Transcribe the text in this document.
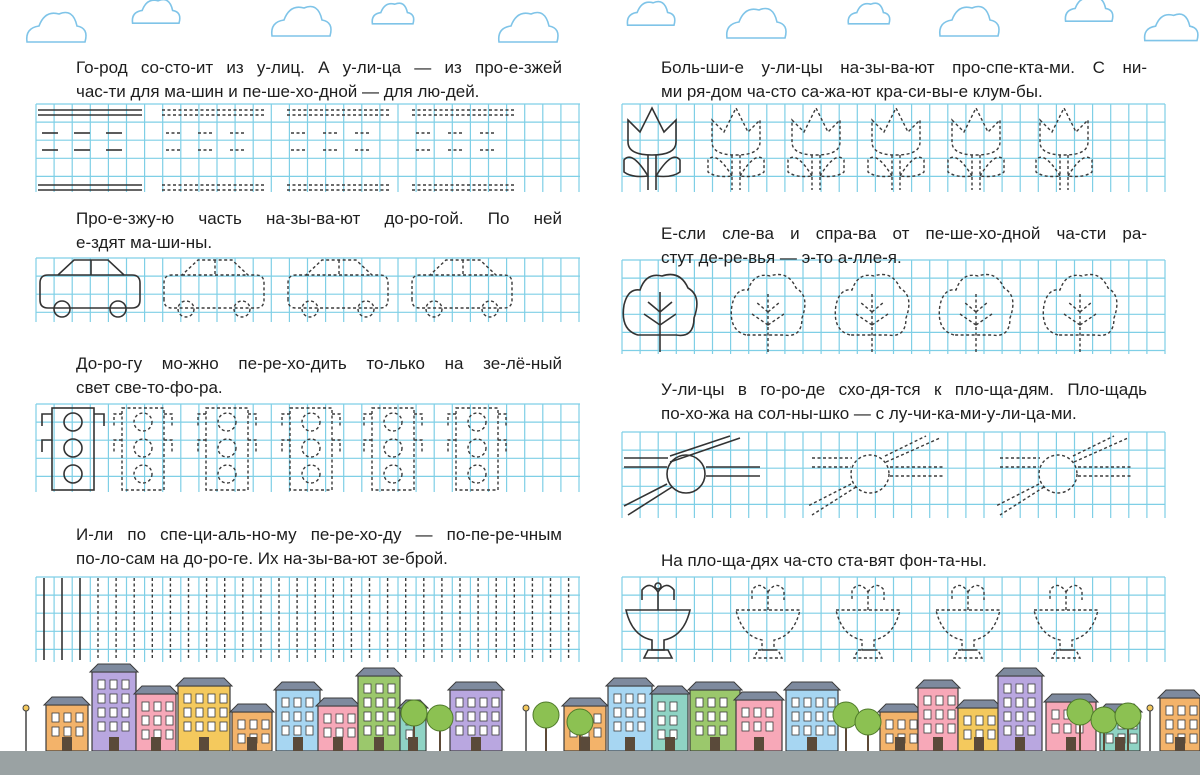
Го-род со-сто-ит из у-лиц. А у-ли-ца — из про-е-зжей
час-ти для ма-шин и пе-ше-хо-дной — для лю-дей.
Про-е-зжу-ю часть на-зы-ва-ют до-ро-гой. По ней
е-здят ма-ши-ны.
До-ро-гу мо-жно пе-ре-хо-дить то-лько на зе-лё-ный
свет све-то-фо-ра.
И-ли по спе-ци-аль-но-му пе-ре-хо-ду — по-пе-ре-чным
по-ло-сам на до-ро-ге. Их на-зы-ва-ют зе-брой.
Боль-ши-е у-ли-цы на-зы-ва-ют про-спе-кта-ми. С ни-
ми ря-дом ча-сто са-жа-ют кра-си-вы-е клум-бы.
Е-сли сле-ва и спра-ва от пе-ше-хо-дной ча-сти ра-
стут де-ре-вья — э-то а-лле-я.
У-ли-цы в го-ро-де схо-дя-тся к пло-ща-дям. Пло-щадь
по-хо-жа на сол-ны-шко — с лу-чи-ка-ми-у-ли-ца-ми.
На пло-ща-дях ча-сто ста-вят фон-та-ны.
